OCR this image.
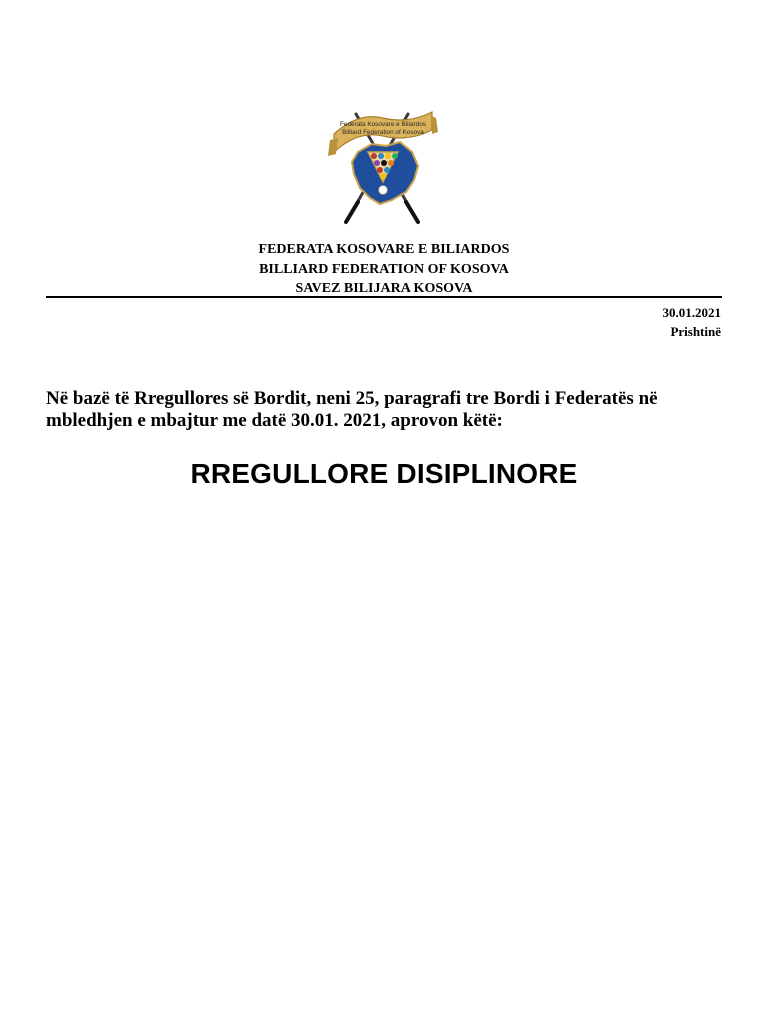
Federata Kosovare e Biliardos
Billiard Federation of Kosova
FEDERATA KOSOVARE E BILIARDOS
BILLIARD FEDERATION OF KOSOVA
SAVEZ BILIJARA KOSOVA
30.01.2021
Prishtinë
Në bazë të Rregullores së Bordit, neni 25, paragrafi tre Bordi i Federatës në mbledhjen e mbajtur me datë 30.01. 2021, aprovon këtë:
RREGULLORE DISIPLINORE
